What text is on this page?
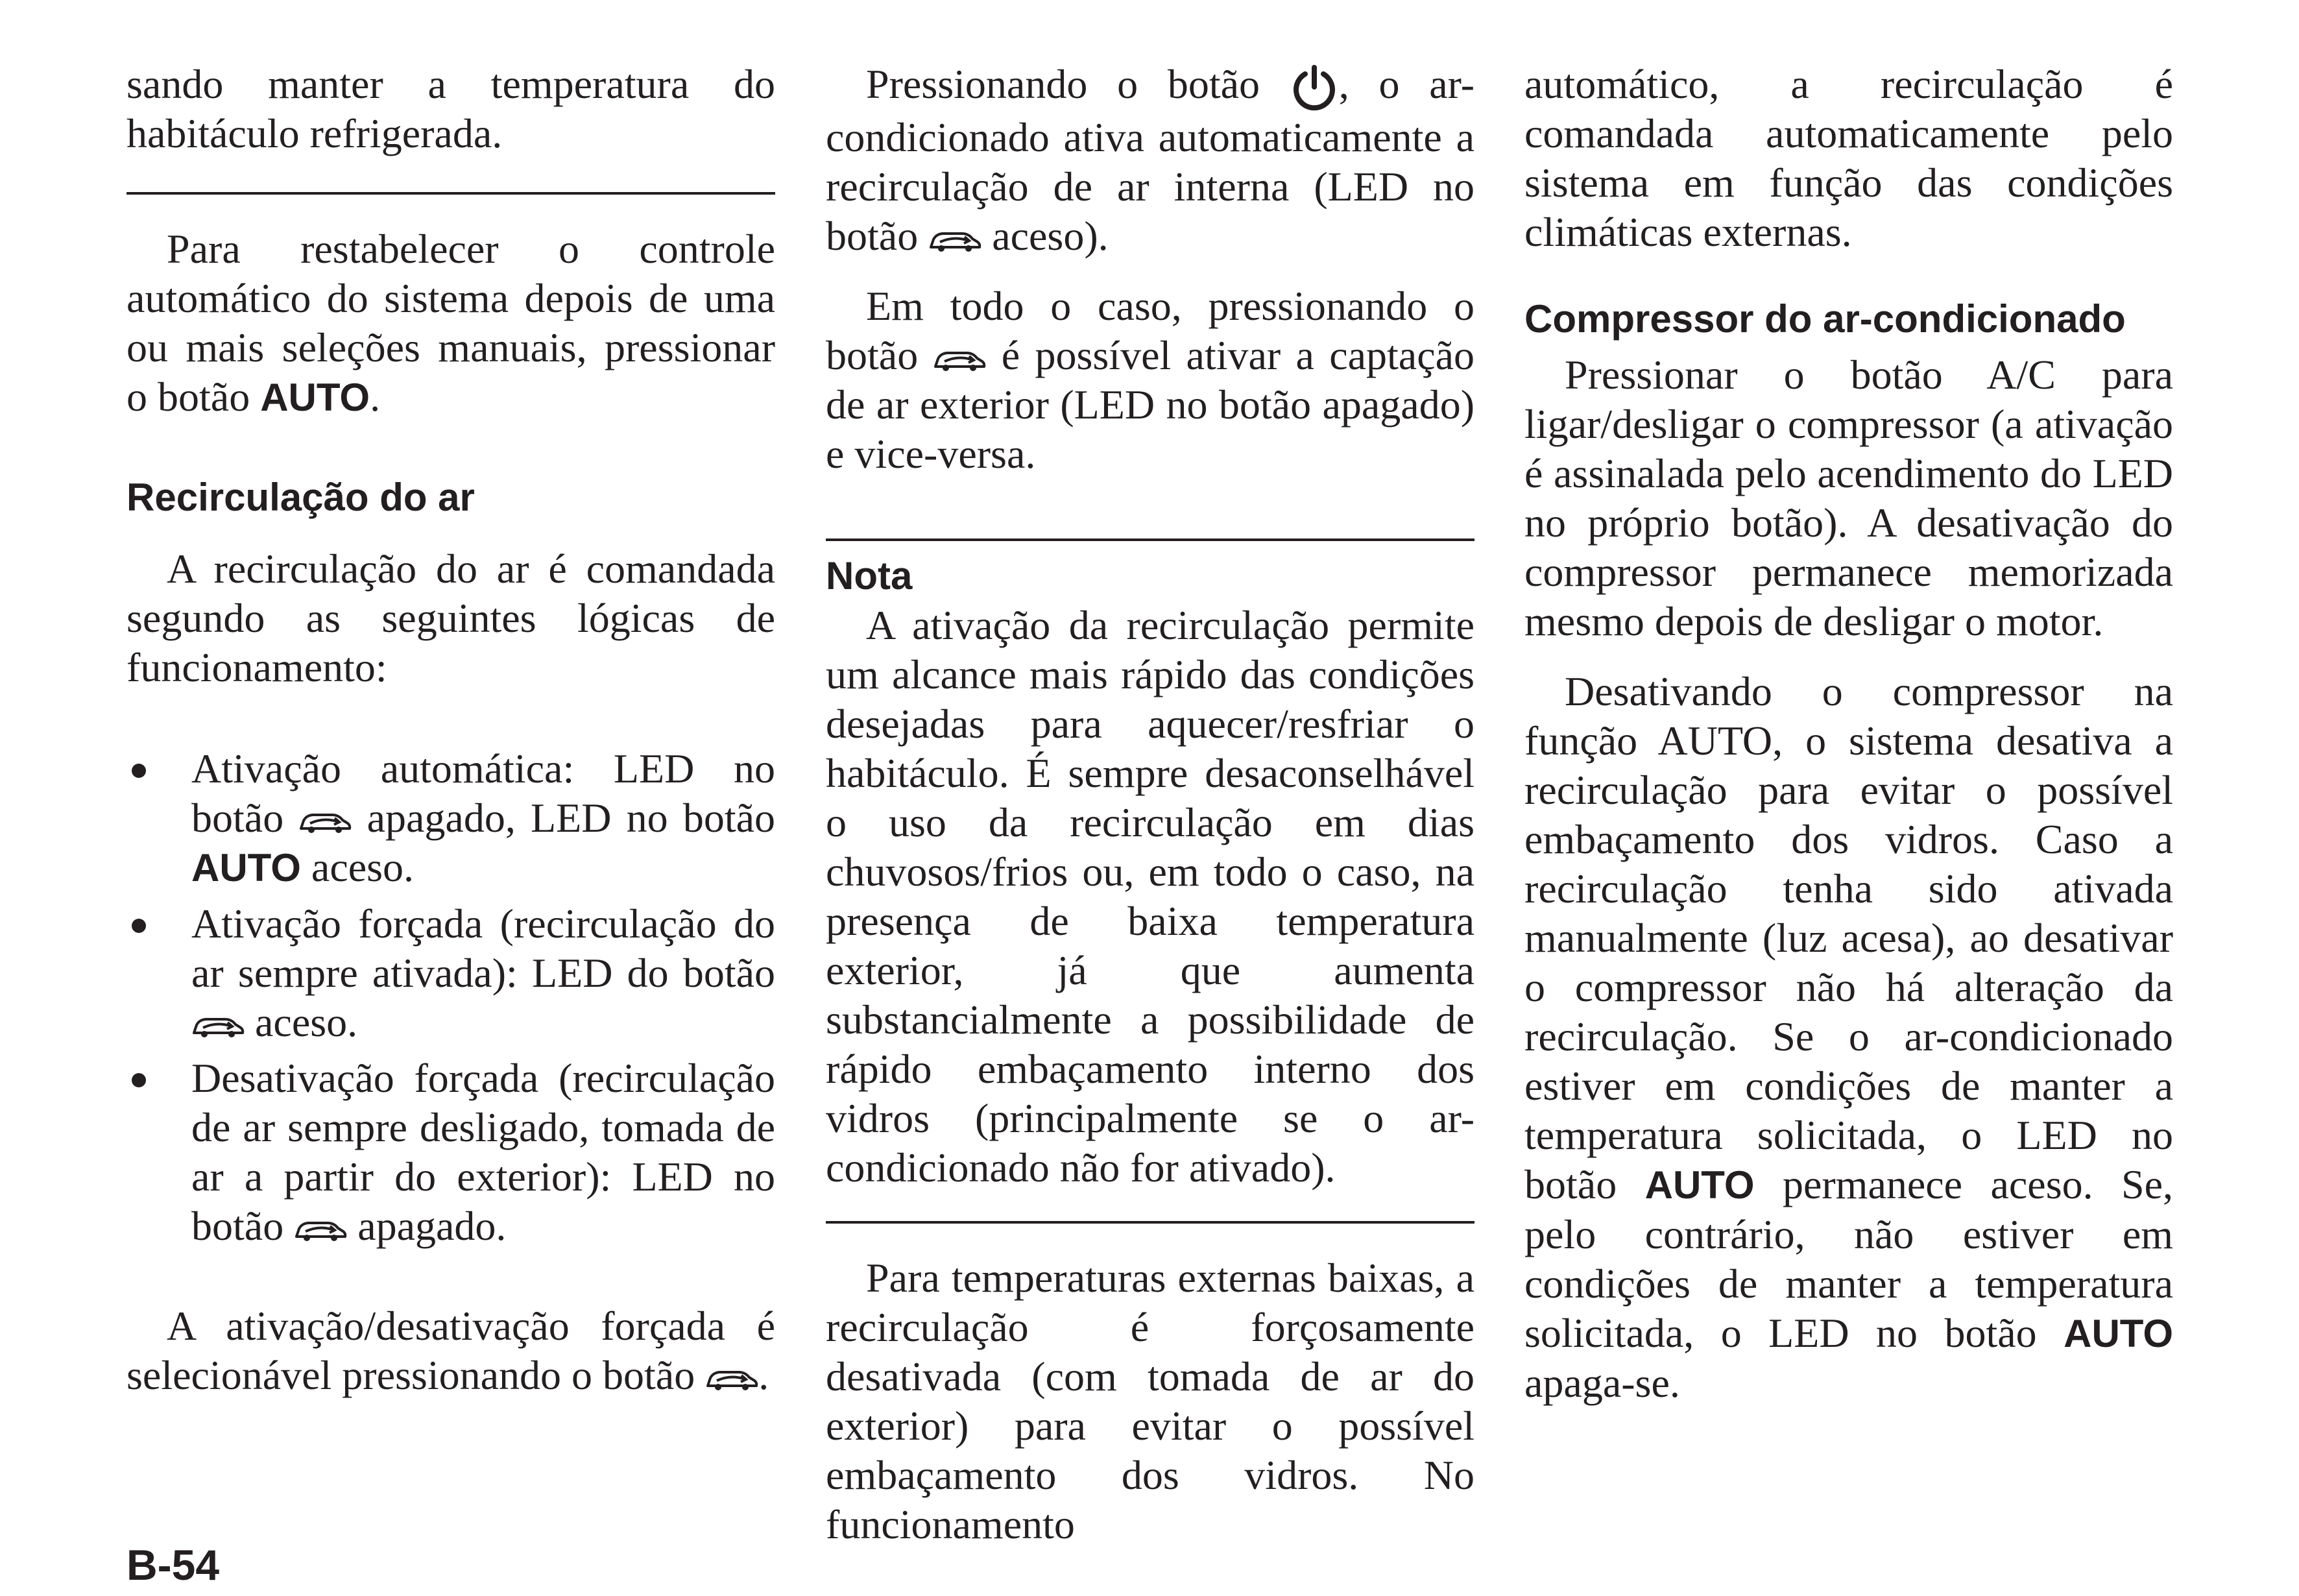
sando manter a temperatura do habitáculo refrigerada.

Para restabelecer o controle automático do sistema depois de uma ou mais seleções manuais, pressionar o botão AUTO.

Recirculação do ar

A recirculação do ar é comandada segundo as seguintes lógicas de funcionamento:

Ativação automática: LED no botão apagado, LED no botão AUTO aceso.
Ativação forçada (recirculação do ar sempre ativada): LED do botão
aceso.
Desativação forçada (recirculação de ar sempre desligado, tomada de ar a partir do exterior): LED no botão apagado.

A ativação/desativação forçada é selecionável pressionando o botão .

Pressionando o botão , o ar-condicionado ativa automaticamente a recirculação de ar interna (LED no botão aceso).

Em todo o caso, pressionando o botão é possível ativar a captação de ar exterior (LED no botão apagado) e vice-versa.

Nota

A ativação da recirculação permite um alcance mais rápido das condições desejadas para aquecer/resfriar o habitáculo. É sempre desaconselhável o uso da recirculação em dias chuvosos/frios ou, em todo o caso, na presença de baixa temperatura exterior, já que aumenta substancialmente a possibilidade de rápido embaçamento interno dos vidros (principalmente se o ar-condicionado não for ativado).

Para temperaturas externas baixas, a recirculação é forçosamente desativada (com tomada de ar do exterior) para evitar o possível embaçamento dos vidros. No funcionamento

automático, a recirculação é comandada automaticamente pelo sistema em função das condições climáticas externas.

Compressor do ar-condicionado

Pressionar o botão A/C para ligar/desligar o compressor (a ativação é assinalada pelo acendimento do LED no próprio botão). A desativação do compressor permanece memorizada mesmo depois de desligar o motor.

Desativando o compressor na função AUTO, o sistema desativa a recirculação para evitar o possível embaçamento dos vidros. Caso a recirculação tenha sido ativada manualmente (luz acesa), ao desativar o compressor não há alteração da recirculação. Se o ar-condicionado estiver em condições de manter a temperatura solicitada, o LED no botão AUTO permanece aceso. Se, pelo contrário, não estiver em condições de manter a temperatura solicitada, o LED no botão AUTO apaga-se.

B-54
